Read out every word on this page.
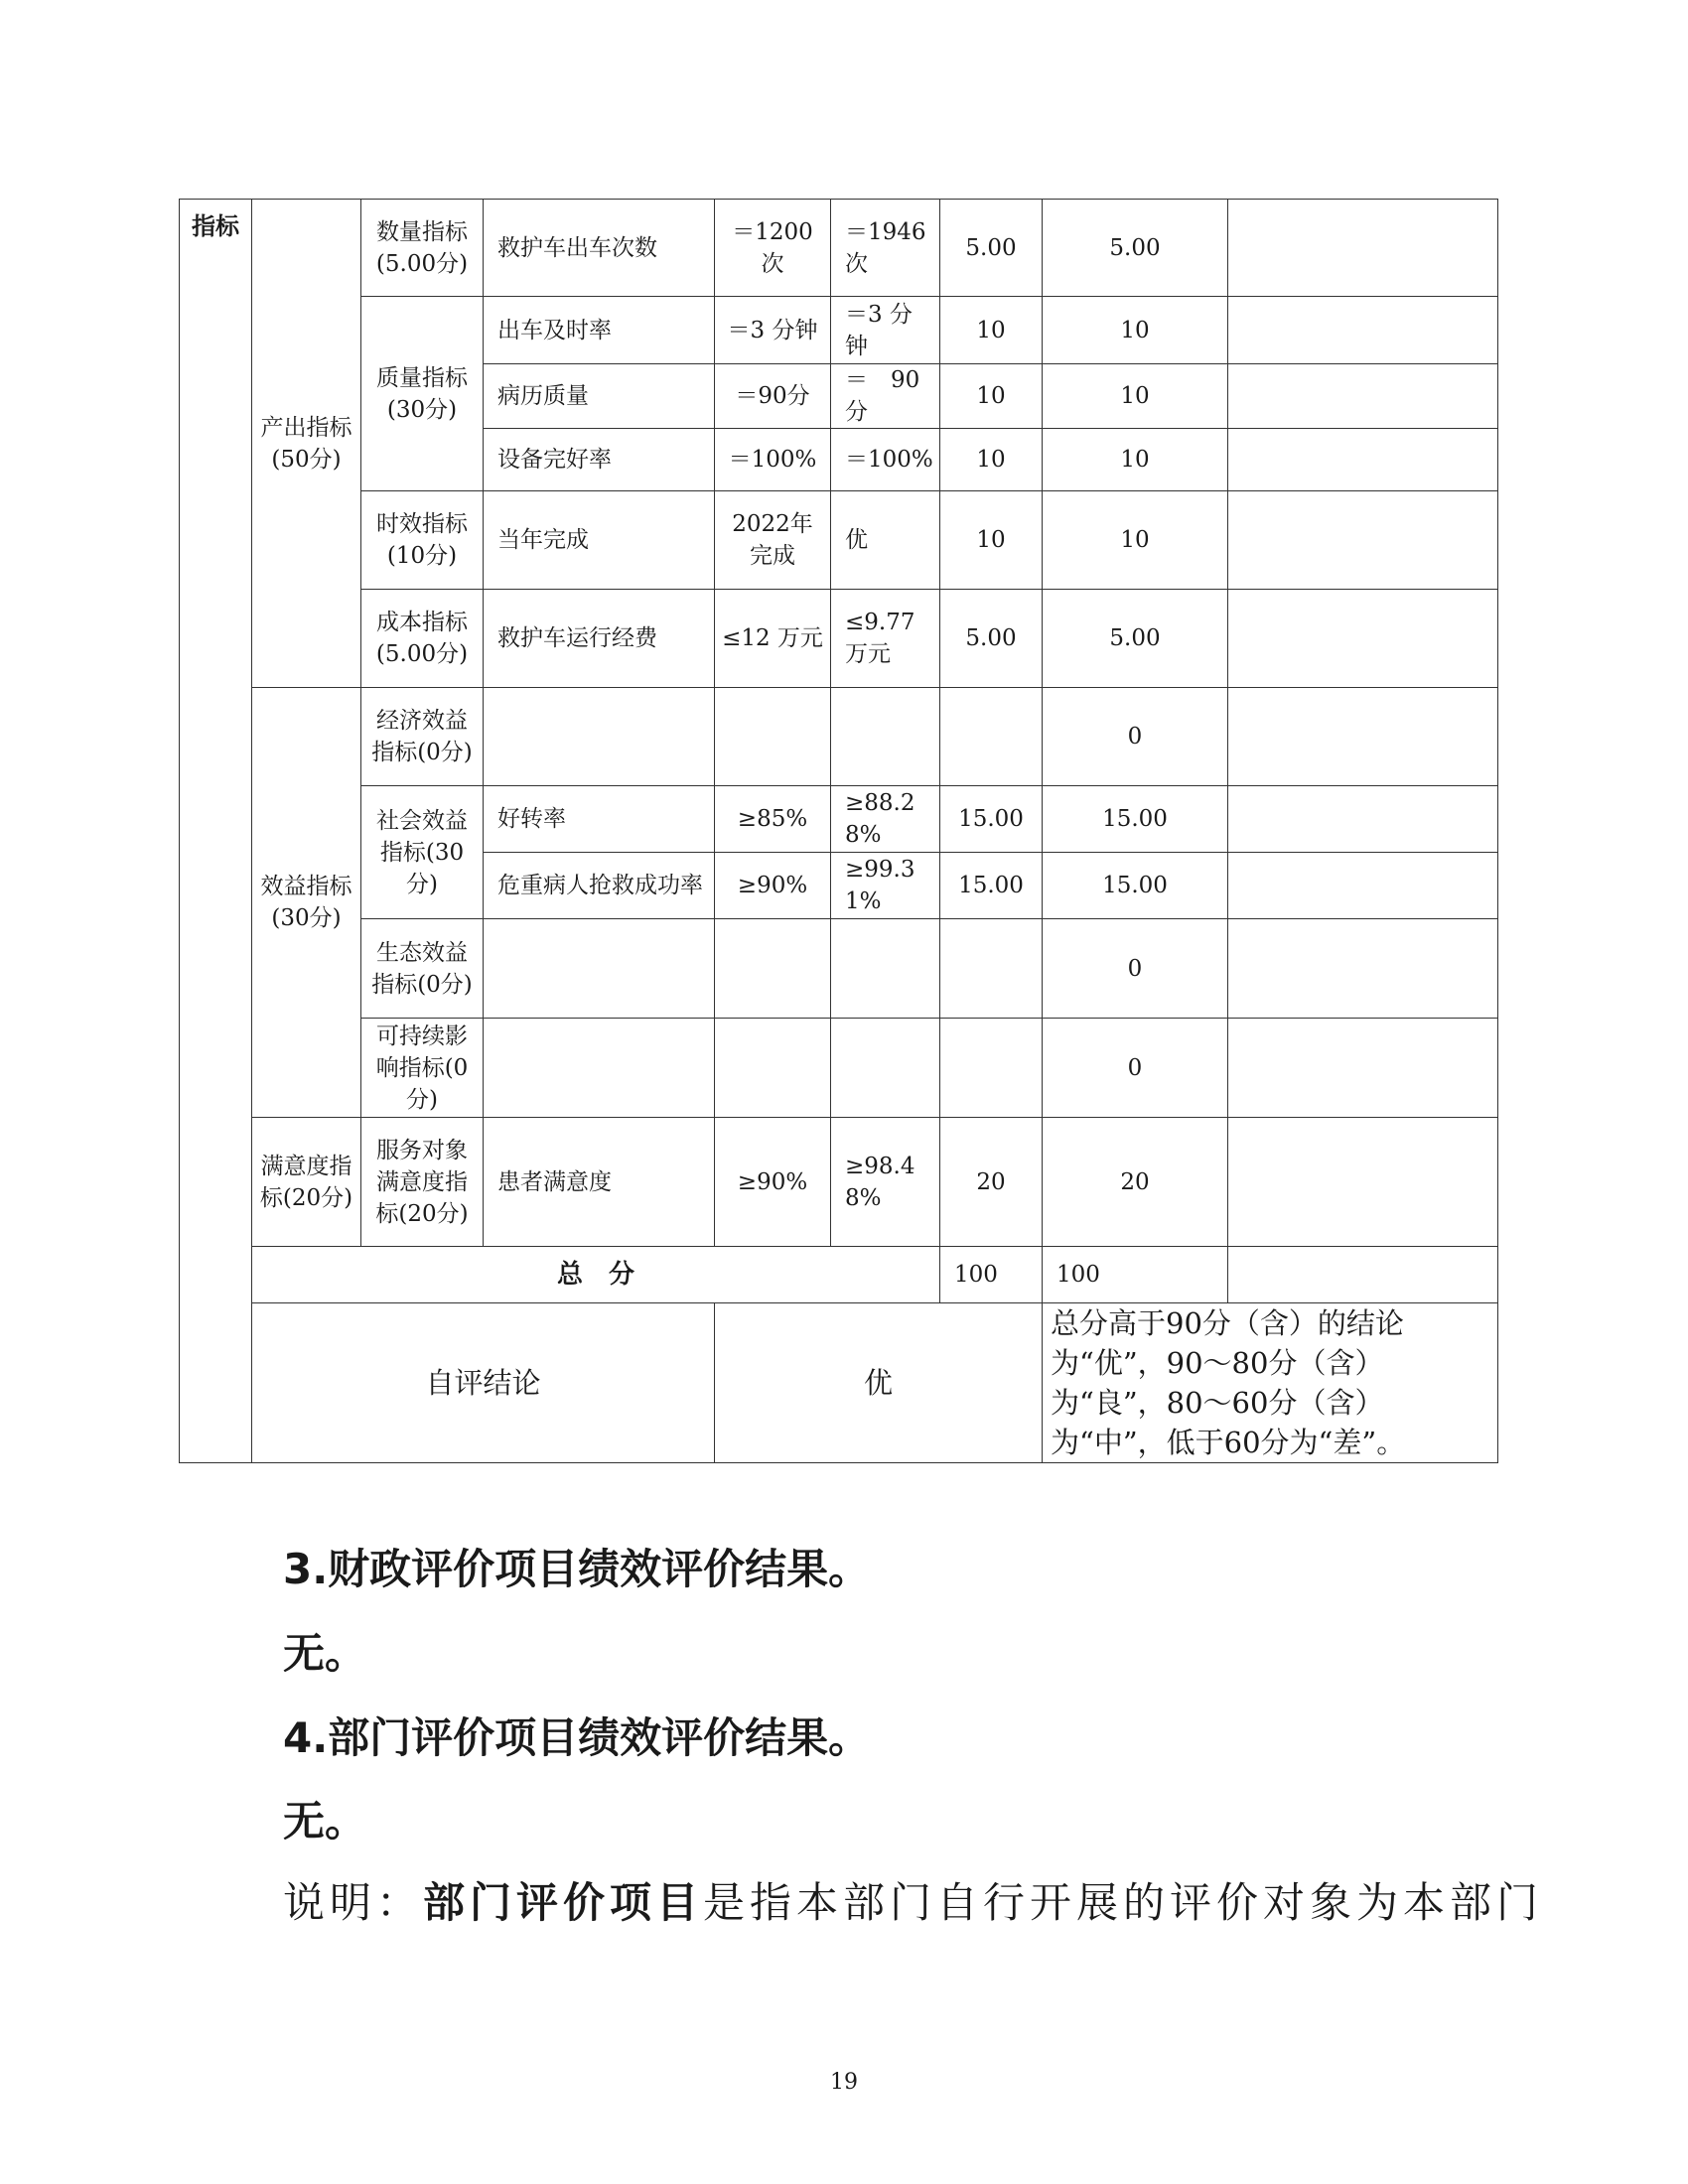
指标	产出指标(50分)	数量指标(5.00分)	救护车出车次数	＝1200次	＝1946次	5.00	5.00	
		质量指标(30分)	出车及时率	＝3 分钟	＝3 分钟	10	10	
			病历质量	＝90分	＝　90分	10	10	
			设备完好率	＝100%	＝100%	10	10	
		时效指标(10分)	当年完成	2022年完成	优	10	10	
		成本指标(5.00分)	救护车运行经费	≤12 万元	≤9.77万元	5.00	5.00	
	效益指标(30分)	经济效益指标(0分)					0	
		社会效益指标(30分)	好转率	≥85%	≥88.28%	15.00	15.00	
			危重病人抢救成功率	≥90%	≥99.31%	15.00	15.00	
		生态效益指标(0分)					0	
		可持续影响指标(0分)					0	
	满意度指标(20分)	服务对象满意度指标(20分)	患者满意度	≥90%	≥98.48%	20	20	
	总　分					100	100	
	自评结论			优			总分高于90分（含）的结论为“优”，90～80分（含）为“良”，80～60分（含）为“中”，低于60分为“差”。	

3.财政评价项目绩效评价结果。

无。

4.部门评价项目绩效评价结果。

无。

说明：部门评价项目是指本部门自行开展的评价对象为本部门

19
